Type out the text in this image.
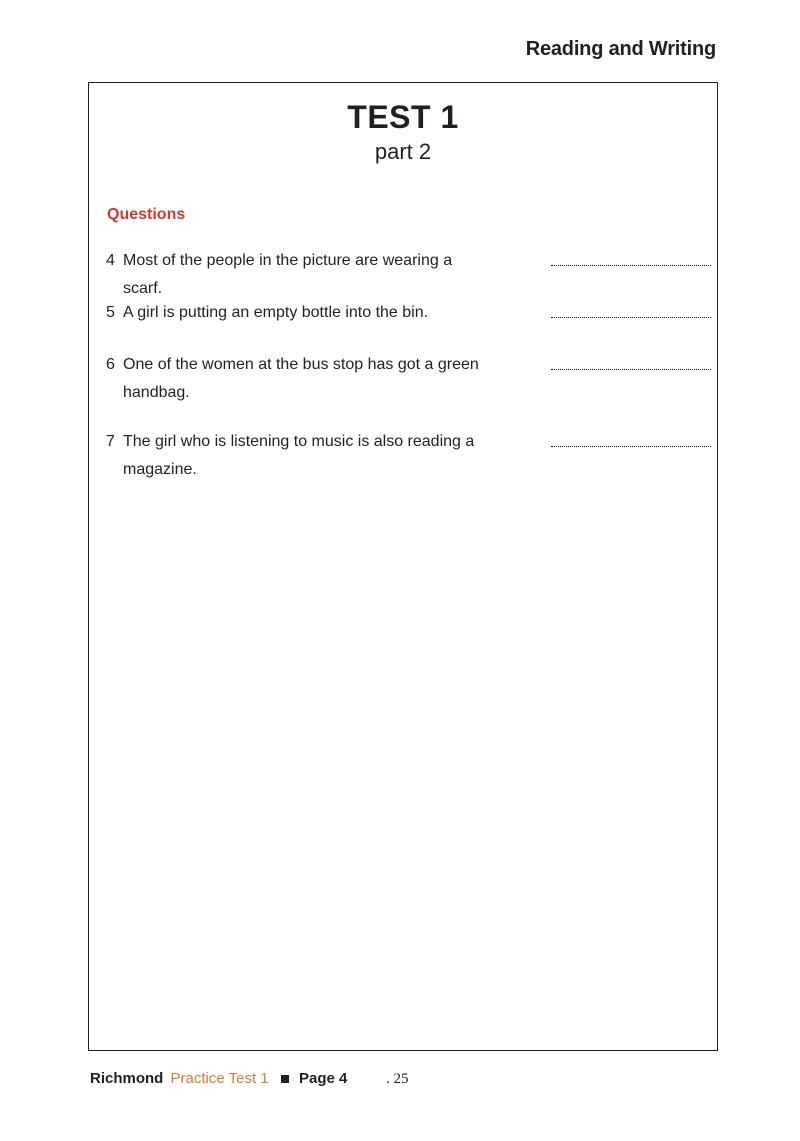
Reading and Writing
TEST 1
part 2
Questions
4 Most of the people in the picture are wearing a scarf.
5 A girl is putting an empty bottle into the bin.
6 One of the women at the bus stop has got a green handbag.
7 The girl who is listening to music is also reading a magazine.
Richmond Practice Test 1 Page 4	. 25
